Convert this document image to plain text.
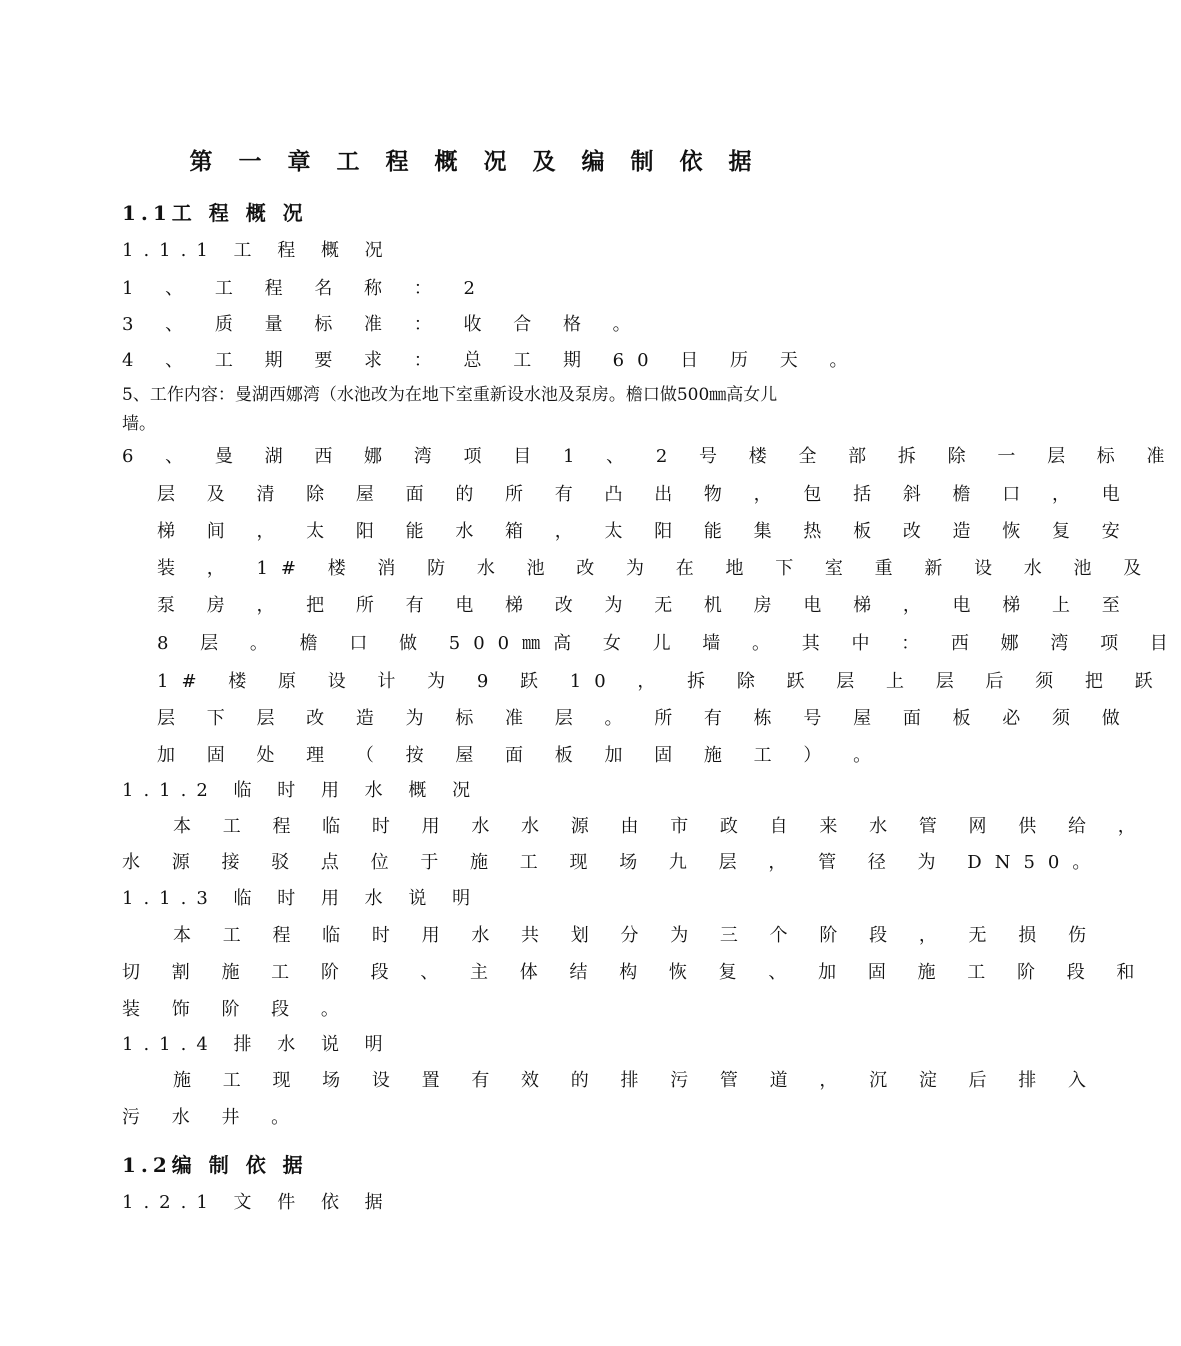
第 一 章 工 程 概 况 及 编 制 依 据
1.1工 程 概 况
1.1.1 工 程 概 况
1 、 工 程 名 称 ： 2
3 、 质 量 标 准 ： 收 合 格 。
4 、 工 期 要 求 ： 总 工 期 60 日 历 天 。
5、工作内容：曼湖西娜湾（水池改为在地下室重新设水池及泵房。檐口做500㎜高女儿
墙。
6 、 曼 湖 西 娜 湾 项 目 1 、 2 号 楼 全 部 拆 除 一 层 标 准
层 及 清 除 屋 面 的 所 有 凸 出 物 ， 包 括 斜 檐 口 ， 电
梯 间 ， 太 阳 能 水 箱 ， 太 阳 能 集 热 板 改 造 恢 复 安
装 ， 1# 楼 消 防 水 池 改 为 在 地 下 室 重 新 设 水 池 及
泵 房 ， 把 所 有 电 梯 改 为 无 机 房 电 梯 ， 电 梯 上 至
8 层 。 檐 口 做 500㎜高 女 儿 墙 。 其 中 ： 西 娜 湾 项 目
1# 楼 原 设 计 为 9 跃 10 ， 拆 除 跃 层 上 层 后 须 把 跃
层 下 层 改 造 为 标 准 层 。 所 有 栋 号 屋 面 板 必 须 做
加 固 处 理 （ 按 屋 面 板 加 固 施 工 ） 。
1.1.2 临 时 用 水 概 况
本 工 程 临 时 用 水 水 源 由 市 政 自 来 水 管 网 供 给 ，
水 源 接 驳 点 位 于 施 工 现 场 九 层 ， 管 径 为 DN50。
1.1.3 临 时 用 水 说 明
本 工 程 临 时 用 水 共 划 分 为 三 个 阶 段 ， 无 损 伤
切 割 施 工 阶 段 、 主 体 结 构 恢 复 、 加 固 施 工 阶 段 和
装 饰 阶 段 。
1.1.4 排 水 说 明
施 工 现 场 设 置 有 效 的 排 污 管 道 ， 沉 淀 后 排 入
污 水 井 。
1.2编 制 依 据
1.2.1 文 件 依 据
